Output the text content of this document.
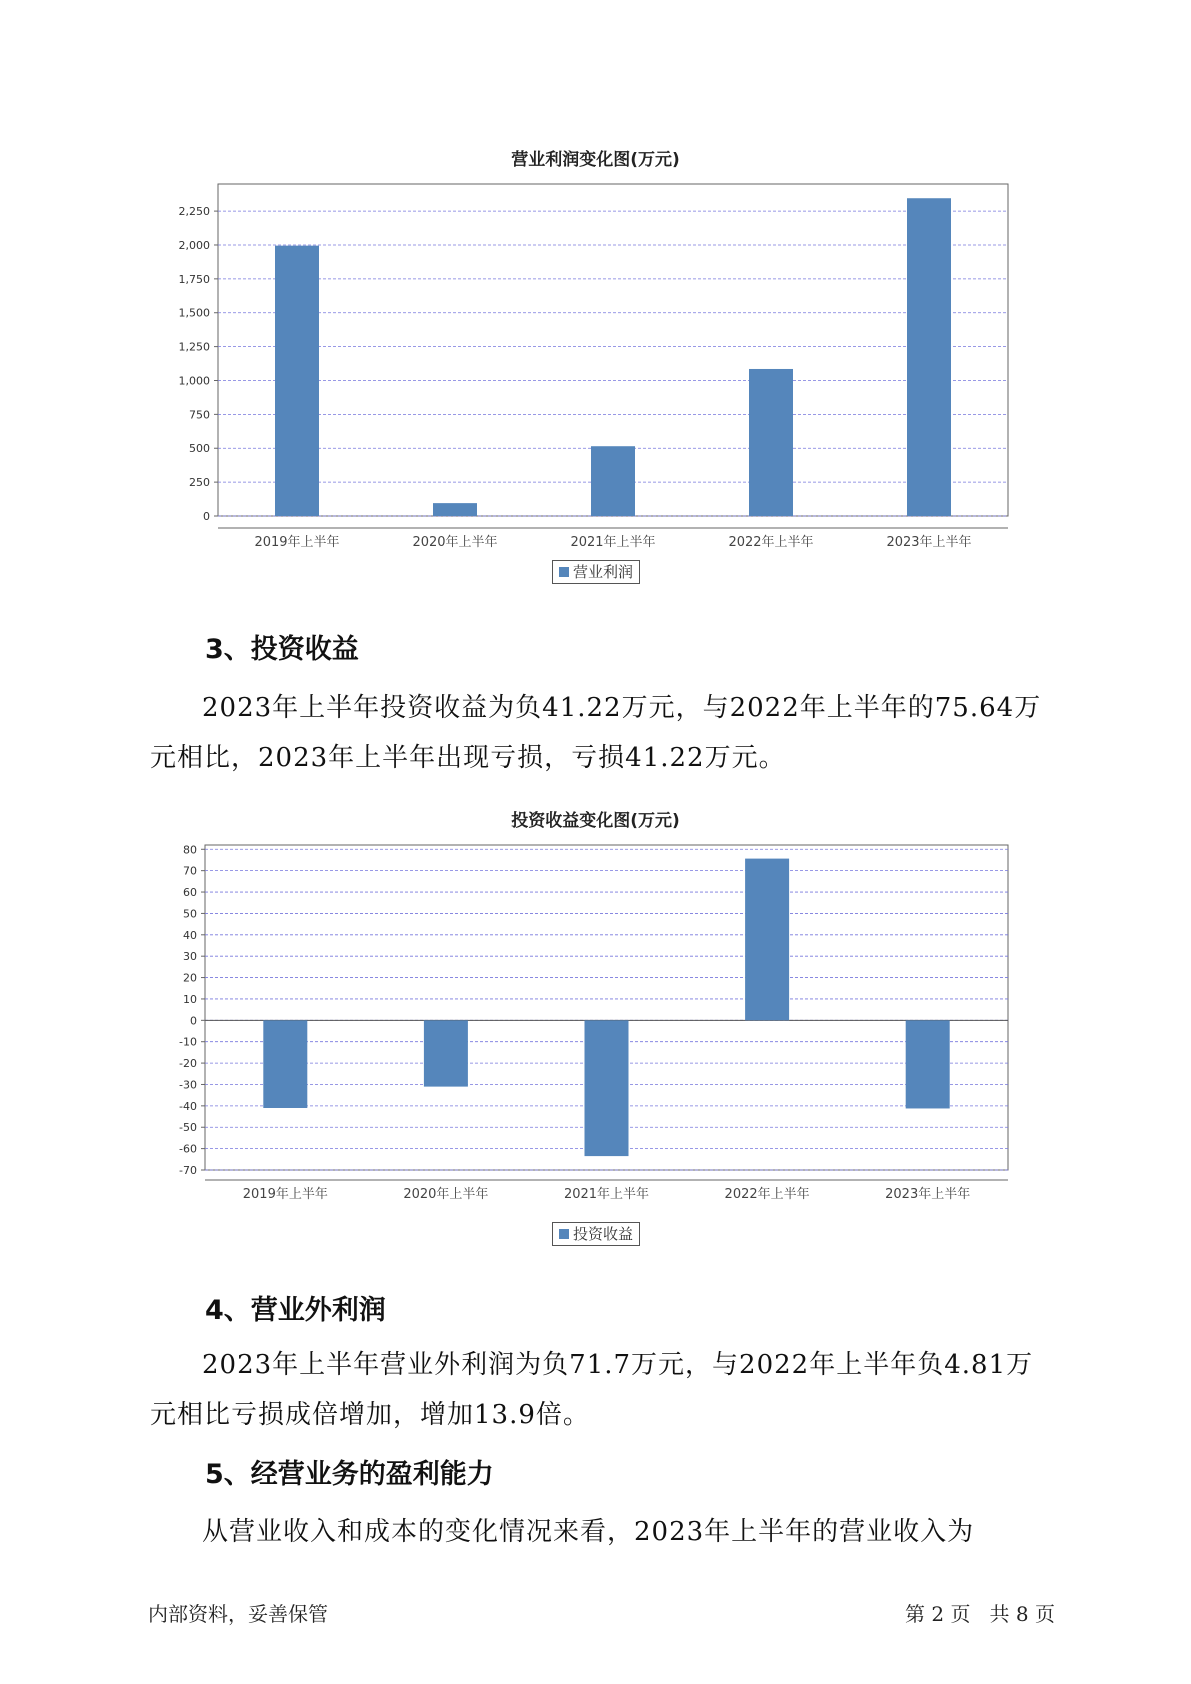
营业利润变化图(万元)
0
250
500
750
1,000
1,250
1,500
1,750
2,000
2,250
2019年上半年	2020年上半年	2021年上半年	2022年上半年	2023年上半年
营业利润
3、投资收益

2023年上半年投资收益为负41.22万元，与2022年上半年的75.64万元相比，2023年上半年出现亏损，亏损41.22万元。

投资收益变化图(万元)
-70
-60
-50
-40
-30
-20
-10
0
10
20
30
40
50
60
70
80
2019年上半年	2020年上半年	2021年上半年	2022年上半年	2023年上半年
投资收益
4、营业外利润

2023年上半年营业外利润为负71.7万元，与2022年上半年负4.81万元相比亏损成倍增加，增加13.9倍。

5、经营业务的盈利能力

从营业收入和成本的变化情况来看，2023年上半年的营业收入为

内部资料，妥善保管	第 2 页   共 8 页
